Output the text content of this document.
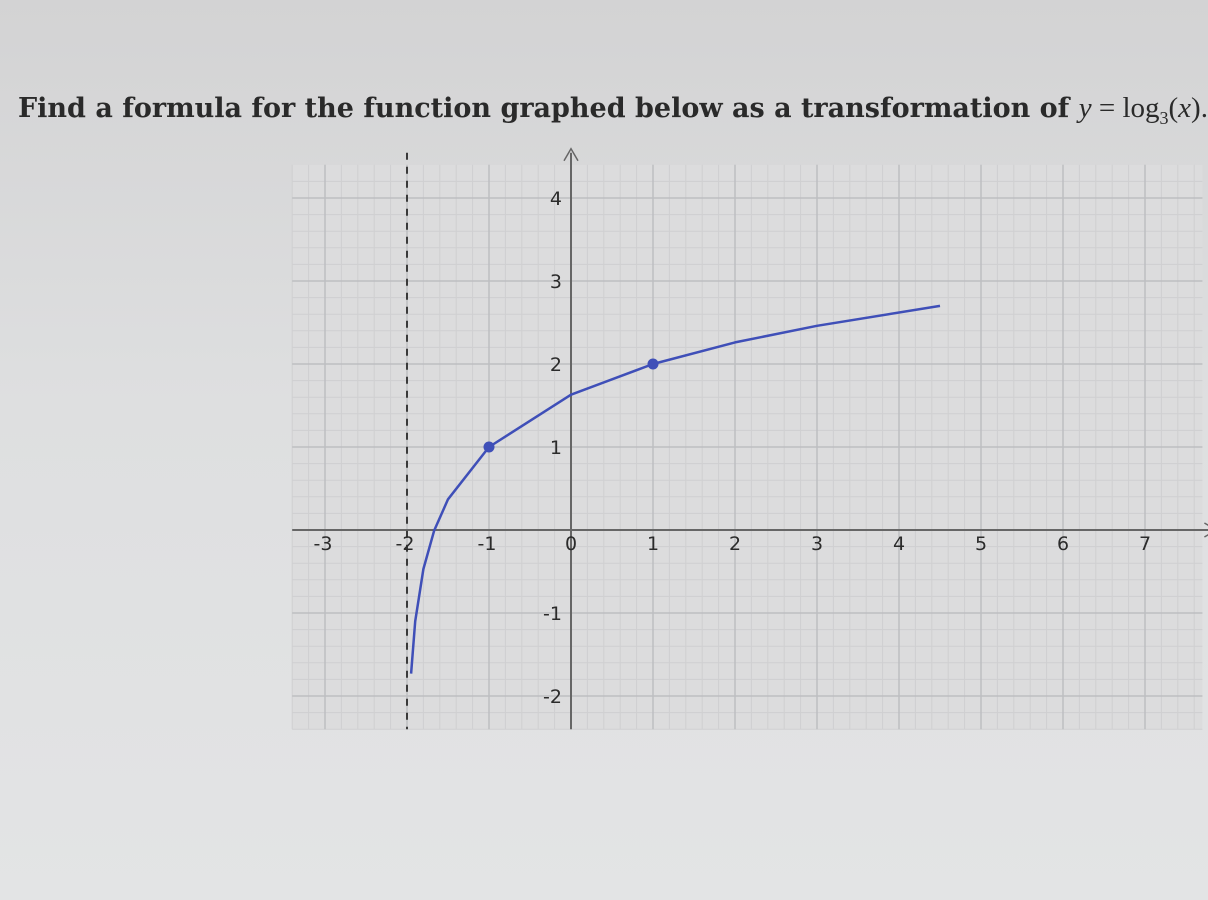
Find a formula for the function graphed below as a transformation of $y = \log_3(x)$.

-3	-2	-1	0	1	2	3	4	5	6	7
4
3
2
1
-1
-2
